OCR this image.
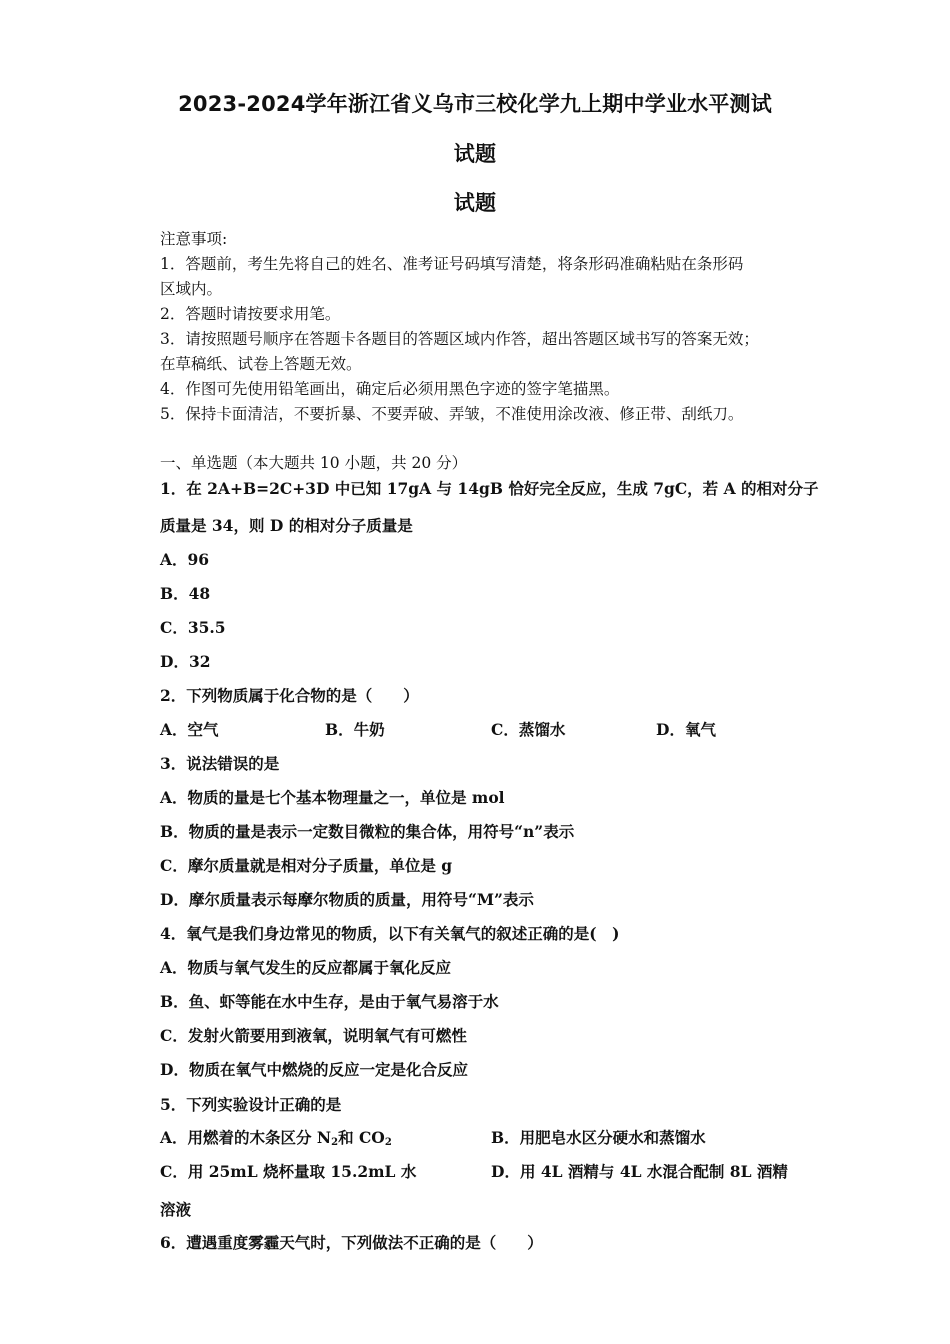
2023-2024学年浙江省义乌市三校化学九上期中学业水平测试
试题
试题
注意事项:
1．答题前，考生先将自己的姓名、准考证号码填写清楚，将条形码准确粘贴在条形码
区域内。
2．答题时请按要求用笔。
3．请按照题号顺序在答题卡各题目的答题区域内作答，超出答题区域书写的答案无效；
在草稿纸、试卷上答题无效。
4．作图可先使用铅笔画出，确定后必须用黑色字迹的签字笔描黑。
5．保持卡面清洁，不要折暴、不要弄破、弄皱，不准使用涂改液、修正带、刮纸刀。
一、单选题（本大题共 10 小题，共 20 分）
1．在 2A+B=2C+3D 中已知 17gA 与 14gB 恰好完全反应，生成 7gC，若 A 的相对分子
质量是 34，则 D 的相对分子质量是
A．96
B．48
C．35.5
D．32
2．下列物质属于化合物的是（　　）
A．空气	B．牛奶	C．蒸馏水	D．氧气
3．说法错误的是
A．物质的量是七个基本物理量之一，单位是 mol
B．物质的量是表示一定数目微粒的集合体，用符号“n”表示
C．摩尔质量就是相对分子质量，单位是 g
D．摩尔质量表示每摩尔物质的质量，用符号“M”表示
4．氧气是我们身边常见的物质，以下有关氧气的叙述正确的是(　)
A．物质与氧气发生的反应都属于氧化反应
B．鱼、虾等能在水中生存，是由于氧气易溶于水
C．发射火箭要用到液氧，说明氧气有可燃性
D．物质在氧气中燃烧的反应一定是化合反应
5．下列实验设计正确的是
A．用燃着的木条区分 $N_2$和 $CO_2$	B．用肥皂水区分硬水和蒸馏水
C．用 25mL 烧杯量取 15.2mL 水	D．用 4L 酒精与 4L 水混合配制 8L 酒精
溶液
6．遭遇重度雾霾天气时，下列做法不正确的是（　　）
